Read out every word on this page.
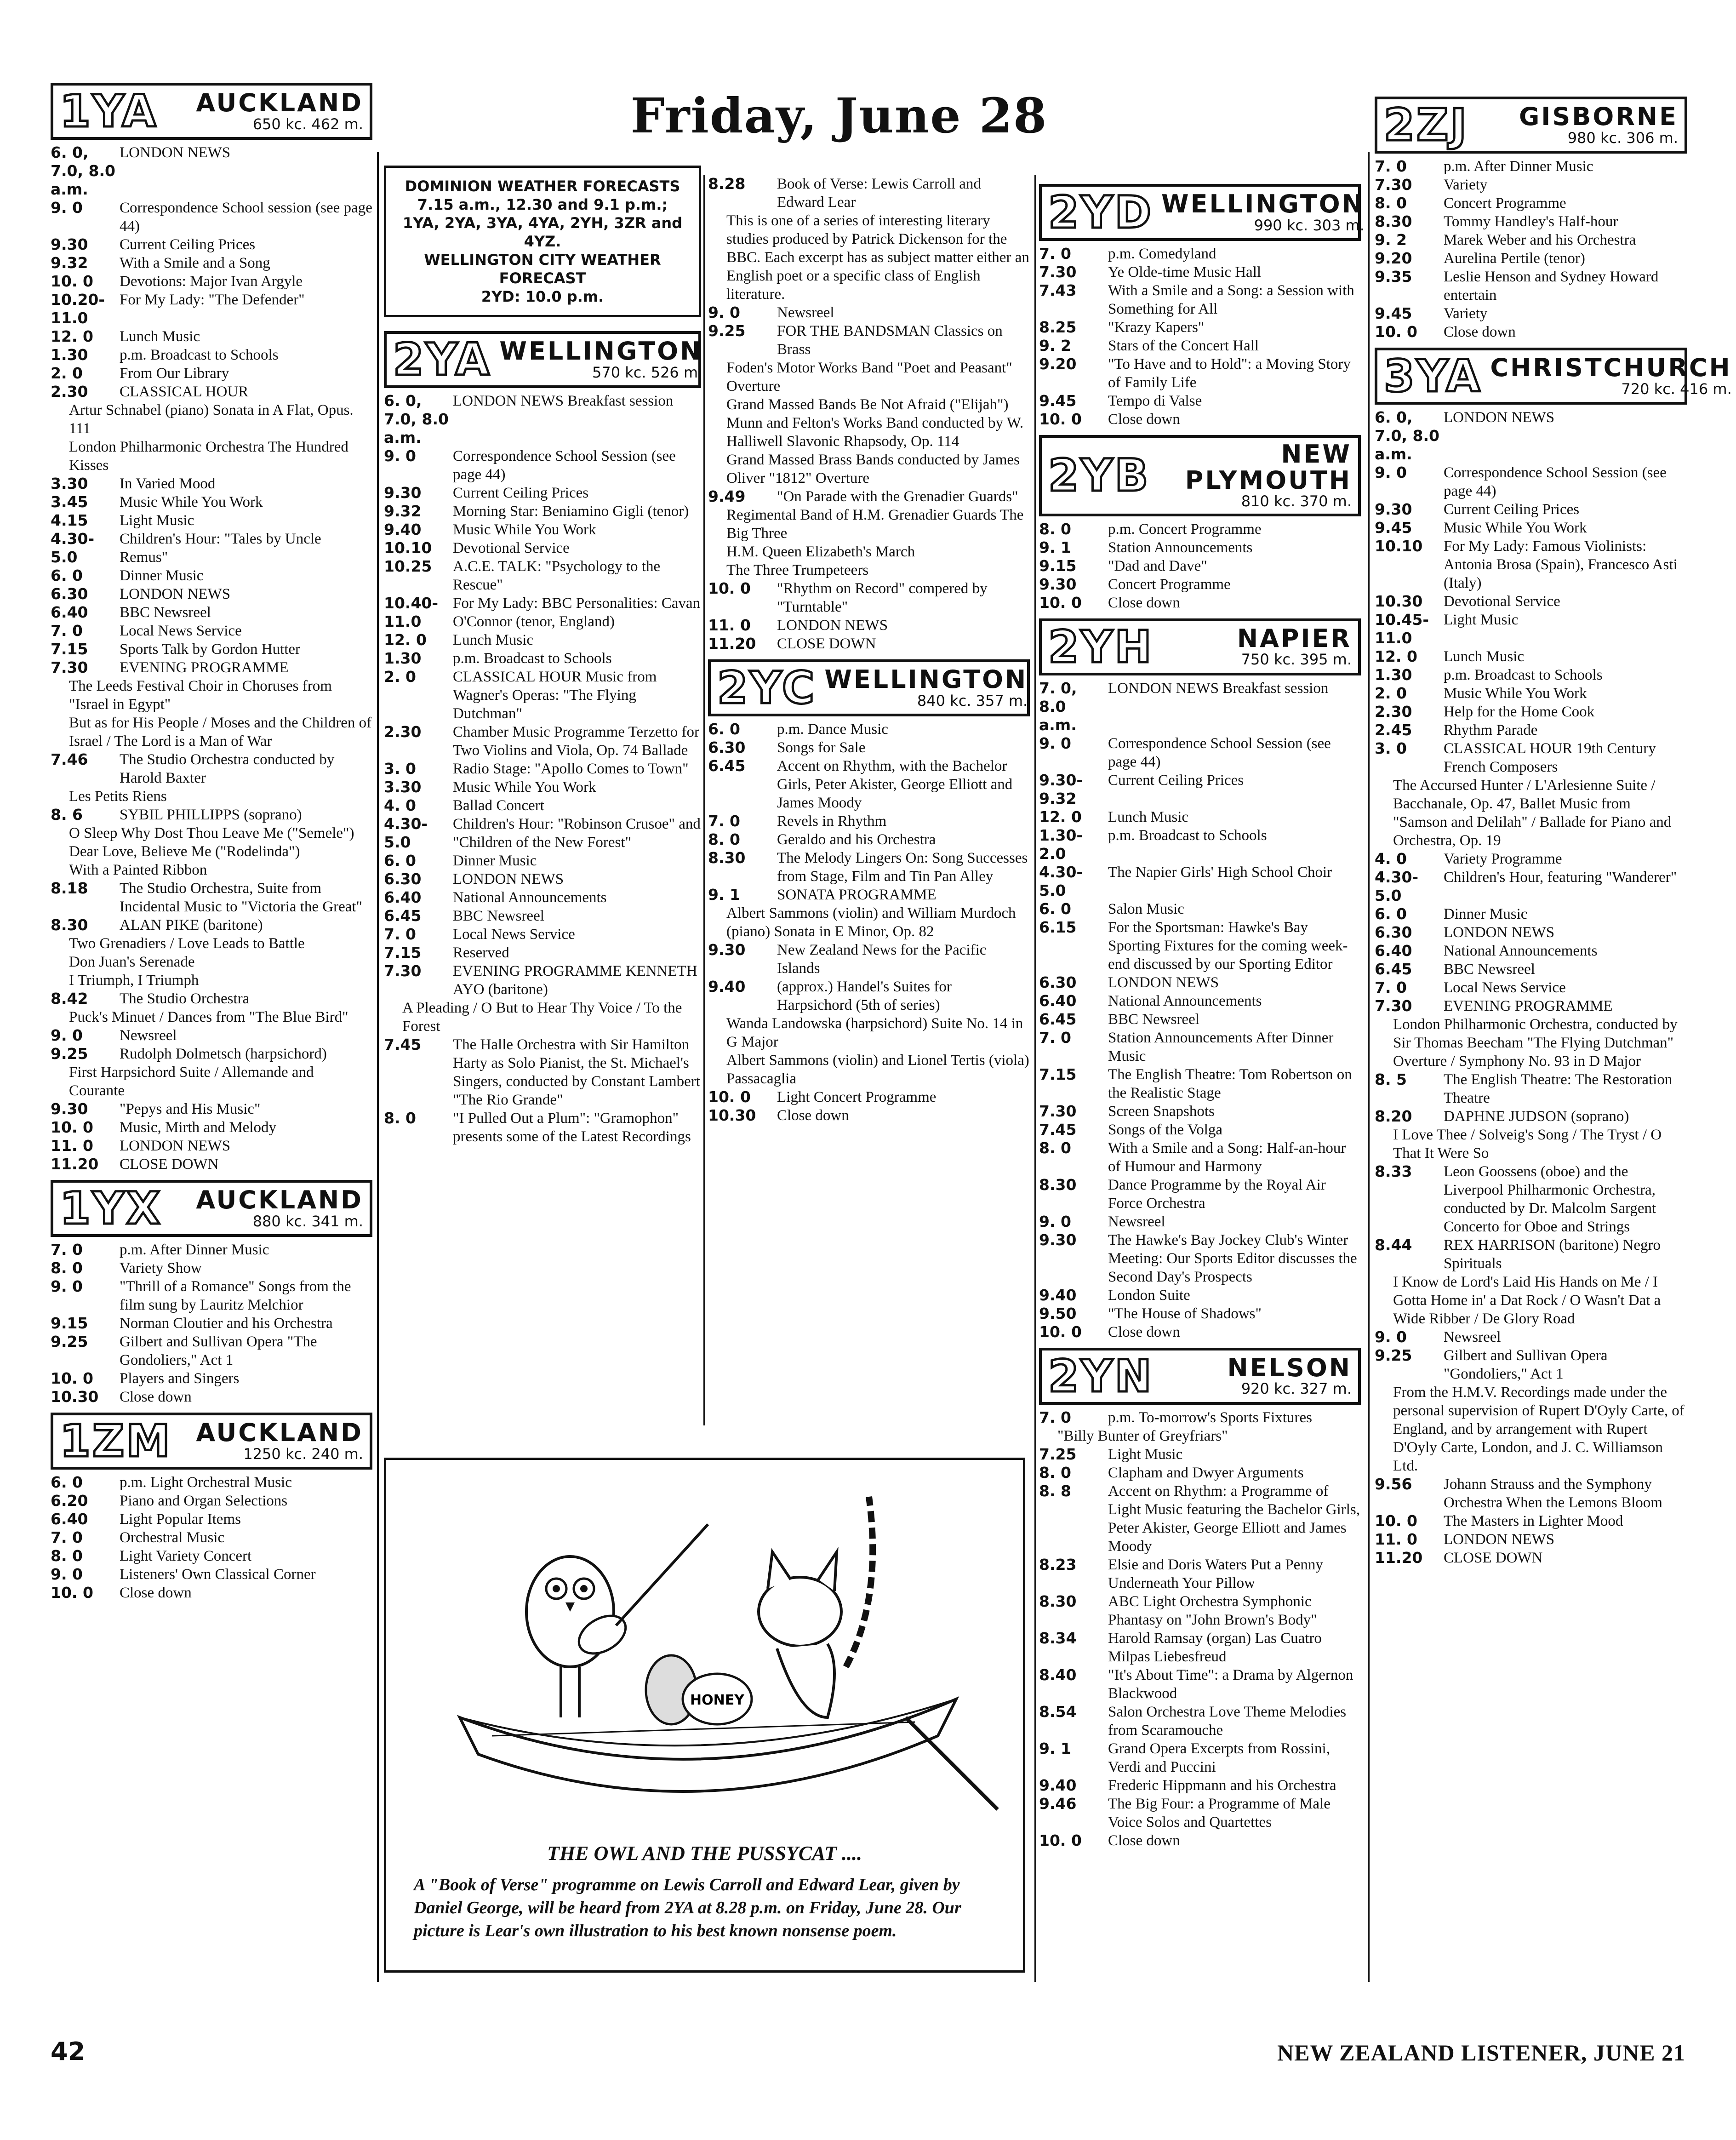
Friday, June 28
1YA	AUCKLAND
650 kc. 462 m.
6. 0, 7.0, 8.0 a.m.
LONDON NEWS
9. 0	Correspondence School session (see page 44)
9.30	Current Ceiling Prices
9.32	With a Smile and a Song
10. 0	Devotions: Major Ivan Argyle
10.20-11.0
For My Lady: "The Defender"
12. 0	Lunch Music
1.30	p.m. Broadcast to Schools
2. 0	From Our Library
2.30	CLASSICAL HOUR
Artur Schnabel (piano) Sonata in A Flat, Opus. 111
London Philharmonic Orchestra The Hundred Kisses
3.30	In Varied Mood
3.45	Music While You Work
4.15	Light Music
4.30-5.0
Children's Hour: "Tales by Uncle Remus"
6. 0	Dinner Music
6.30	LONDON NEWS
6.40	BBC Newsreel
7. 0	Local News Service
7.15	Sports Talk by Gordon Hutter
7.30	EVENING PROGRAMME
The Leeds Festival Choir in Choruses from "Israel in Egypt"
But as for His People / Moses and the Children of Israel / The Lord is a Man of War
7.46	The Studio Orchestra conducted by Harold Baxter
Les Petits Riens
8. 6	SYBIL PHILLIPPS (soprano)
O Sleep Why Dost Thou Leave Me ("Semele")
Dear Love, Believe Me ("Rodelinda")
With a Painted Ribbon
8.18	The Studio Orchestra, Suite from Incidental Music to "Victoria the Great"
8.30	ALAN PIKE (baritone)
Two Grenadiers / Love Leads to Battle
Don Juan's Serenade
I Triumph, I Triumph
8.42	The Studio Orchestra
Puck's Minuet / Dances from "The Blue Bird"
9. 0	Newsreel
9.25	Rudolph Dolmetsch (harpsichord)
First Harpsichord Suite / Allemande and Courante
9.30	"Pepys and His Music"
10. 0	Music, Mirth and Melody
11. 0	LONDON NEWS
11.20	CLOSE DOWN
1YX	AUCKLAND
880 kc. 341 m.
7. 0	p.m. After Dinner Music
8. 0	Variety Show
9. 0	"Thrill of a Romance" Songs from the film sung by Lauritz Melchior
9.15	Norman Cloutier and his Orchestra
9.25	Gilbert and Sullivan Opera "The Gondoliers," Act 1
10. 0	Players and Singers
10.30	Close down
1ZM AUCKLAND
1250 kc. 240 m.
6. 0	p.m. Light Orchestral Music
6.20	Piano and Organ Selections
6.40	Light Popular Items
7. 0	Orchestral Music
8. 0	Light Variety Concert
9. 0	Listeners' Own Classical Corner
10. 0	Close down
DOMINION WEATHER FORECASTS
7.15 a.m., 12.30 and 9.1 p.m.; 1YA, 2YA, 3YA, 4YA, 2YH, 3ZR and 4YZ.
WELLINGTON CITY WEATHER FORECAST
2YD: 10.0 p.m.
2YA WELLINGTON
570 kc. 526 m.
6. 0, 7.0, 8.0 a.m.
LONDON NEWS Breakfast session
9. 0	Correspondence School Session (see page 44)
9.30	Current Ceiling Prices
9.32	Morning Star: Beniamino Gigli (tenor)
9.40	Music While You Work
10.10	Devotional Service
10.25	A.C.E. TALK: "Psychology to the Rescue"
10.40-11.0
For My Lady: BBC Personalities: Cavan O'Connor (tenor, England)
12. 0	Lunch Music
1.30	p.m. Broadcast to Schools
2. 0	CLASSICAL HOUR Music from Wagner's Operas: "The Flying Dutchman"
2.30	Chamber Music Programme Terzetto for Two Violins and Viola, Op. 74 Ballade
3. 0	Radio Stage: "Apollo Comes to Town"
3.30	Music While You Work
4. 0	Ballad Concert
4.30-5.0
Children's Hour: "Robinson Crusoe" and "Children of the New Forest"
6. 0	Dinner Music
6.30	LONDON NEWS
6.40	National Announcements
6.45	BBC Newsreel
7. 0	Local News Service
7.15	Reserved
7.30	EVENING PROGRAMME KENNETH AYO (baritone)
A Pleading / O But to Hear Thy Voice / To the Forest
7.45	The Halle Orchestra with Sir Hamilton Harty as Solo Pianist, the St. Michael's Singers, conducted by Constant Lambert "The Rio Grande"
8. 0	"I Pulled Out a Plum": "Gramophon" presents some of the Latest Recordings
8.28	Book of Verse: Lewis Carroll and Edward Lear
This is one of a series of interesting literary studies produced by Patrick Dickenson for the BBC. Each excerpt has as subject matter either an English poet or a specific class of English literature.
9. 0	Newsreel
9.25	FOR THE BANDSMAN Classics on Brass
Foden's Motor Works Band "Poet and Peasant" Overture
Grand Massed Bands Be Not Afraid ("Elijah")
Munn and Felton's Works Band conducted by W. Halliwell Slavonic Rhapsody, Op. 114
Grand Massed Brass Bands conducted by James Oliver "1812" Overture
9.49	"On Parade with the Grenadier Guards"
Regimental Band of H.M. Grenadier Guards The Big Three
H.M. Queen Elizabeth's March
The Three Trumpeteers
10. 0	"Rhythm on Record" compered by "Turntable"
11. 0	LONDON NEWS
11.20	CLOSE DOWN
2YC WELLINGTON
840 kc. 357 m.
6. 0	p.m. Dance Music
6.30	Songs for Sale
6.45	Accent on Rhythm, with the Bachelor Girls, Peter Akister, George Elliott and James Moody
7. 0	Revels in Rhythm
8. 0	Geraldo and his Orchestra
8.30	The Melody Lingers On: Song Successes from Stage, Film and Tin Pan Alley
9. 1	SONATA PROGRAMME
Albert Sammons (violin) and William Murdoch (piano) Sonata in E Minor, Op. 82
9.30	New Zealand News for the Pacific Islands
9.40	(approx.) Handel's Suites for Harpsichord (5th of series)
Wanda Landowska (harpsichord) Suite No. 14 in G Major
Albert Sammons (violin) and Lionel Tertis (viola) Passacaglia
10. 0	Light Concert Programme
10.30	Close down
HONEY
THE OWL AND THE PUSSYCAT ....
A "Book of Verse" programme on Lewis Carroll and Edward Lear, given by Daniel George, will be heard from 2YA at 8.28 p.m. on Friday, June 28. Our picture is Lear's own illustration to his best known nonsense poem.
2YD WELLINGTON
990 kc. 303 m.
7. 0	p.m. Comedyland
7.30	Ye Olde-time Music Hall
7.43	With a Smile and a Song: a Session with Something for All
8.25	"Krazy Kapers"
9. 2	Stars of the Concert Hall
9.20	"To Have and to Hold": a Moving Story of Family Life
9.45	Tempo di Valse
10. 0	Close down
2YB	NEW PLYMOUTH
810 kc. 370 m.
8. 0	p.m. Concert Programme
9. 1	Station Announcements
9.15	"Dad and Dave"
9.30	Concert Programme
10. 0	Close down
2YH	NAPIER
750 kc. 395 m.
7. 0, 8.0 a.m.
LONDON NEWS Breakfast session
9. 0	Correspondence School Session (see page 44)
9.30-9.32
Current Ceiling Prices
12. 0	Lunch Music
1.30-2.0
p.m. Broadcast to Schools
4.30-5.0
The Napier Girls' High School Choir
6. 0	Salon Music
6.15	For the Sportsman: Hawke's Bay Sporting Fixtures for the coming week-end discussed by our Sporting Editor
6.30	LONDON NEWS
6.40	National Announcements
6.45	BBC Newsreel
7. 0	Station Announcements After Dinner Music
7.15	The English Theatre: Tom Robertson on the Realistic Stage
7.30	Screen Snapshots
7.45	Songs of the Volga
8. 0	With a Smile and a Song: Half-an-hour of Humour and Harmony
8.30	Dance Programme by the Royal Air Force Orchestra
9. 0	Newsreel
9.30	The Hawke's Bay Jockey Club's Winter Meeting: Our Sports Editor discusses the Second Day's Prospects
9.40	London Suite
9.50	"The House of Shadows"
10. 0	Close down
2YN	NELSON
920 kc. 327 m.
7. 0	p.m. To-morrow's Sports Fixtures
"Billy Bunter of Greyfriars"
7.25	Light Music
8. 0	Clapham and Dwyer Arguments
8. 8	Accent on Rhythm: a Programme of Light Music featuring the Bachelor Girls, Peter Akister, George Elliott and James Moody
8.23	Elsie and Doris Waters Put a Penny Underneath Your Pillow
8.30	ABC Light Orchestra Symphonic Phantasy on "John Brown's Body"
8.34	Harold Ramsay (organ) Las Cuatro Milpas Liebesfreud
8.40	"It's About Time": a Drama by Algernon Blackwood
8.54	Salon Orchestra Love Theme Melodies from Scaramouche
9. 1	Grand Opera Excerpts from Rossini, Verdi and Puccini
9.40	Frederic Hippmann and his Orchestra
9.46	The Big Four: a Programme of Male Voice Solos and Quartettes
10. 0	Close down
2ZJ	GISBORNE
980 kc. 306 m.
7. 0	p.m. After Dinner Music
7.30	Variety
8. 0	Concert Programme
8.30	Tommy Handley's Half-hour
9. 2	Marek Weber and his Orchestra
9.20	Aurelina Pertile (tenor)
9.35	Leslie Henson and Sydney Howard entertain
9.45	Variety
10. 0	Close down
3YA CHRISTCHURCH
720 kc. 416 m.
6. 0, 7.0, 8.0 a.m.
LONDON NEWS
9. 0	Correspondence School Session (see page 44)
9.30	Current Ceiling Prices
9.45	Music While You Work
10.10	For My Lady: Famous Violinists: Antonia Brosa (Spain), Francesco Asti (Italy)
10.30	Devotional Service
10.45-11.0
Light Music
12. 0	Lunch Music
1.30	p.m. Broadcast to Schools
2. 0	Music While You Work
2.30	Help for the Home Cook
2.45	Rhythm Parade
3. 0	CLASSICAL HOUR 19th Century French Composers
The Accursed Hunter / L'Arlesienne Suite / Bacchanale, Op. 47, Ballet Music from "Samson and Delilah" / Ballade for Piano and Orchestra, Op. 19
4. 0	Variety Programme
4.30-5.0
Children's Hour, featuring "Wanderer"
6. 0	Dinner Music
6.30	LONDON NEWS
6.40	National Announcements
6.45	BBC Newsreel
7. 0	Local News Service
7.30	EVENING PROGRAMME
London Philharmonic Orchestra, conducted by Sir Thomas Beecham "The Flying Dutchman" Overture / Symphony No. 93 in D Major
8. 5	The English Theatre: The Restoration Theatre
8.20	DAPHNE JUDSON (soprano)
I Love Thee / Solveig's Song / The Tryst / O That It Were So
8.33	Leon Goossens (oboe) and the Liverpool Philharmonic Orchestra, conducted by Dr. Malcolm Sargent Concerto for Oboe and Strings
8.44	REX HARRISON (baritone) Negro Spirituals
I Know de Lord's Laid His Hands on Me / I Gotta Home in' a Dat Rock / O Wasn't Dat a Wide Ribber / De Glory Road
9. 0	Newsreel
9.25	Gilbert and Sullivan Opera "Gondoliers," Act 1
From the H.M.V. Recordings made under the personal supervision of Rupert D'Oyly Carte, of England, and by arrangement with Rupert D'Oyly Carte, London, and J. C. Williamson Ltd.
9.56	Johann Strauss and the Symphony Orchestra When the Lemons Bloom
10. 0	The Masters in Lighter Mood
11. 0	LONDON NEWS
11.20	CLOSE DOWN
42	NEW ZEALAND LISTENER, JUNE 21
